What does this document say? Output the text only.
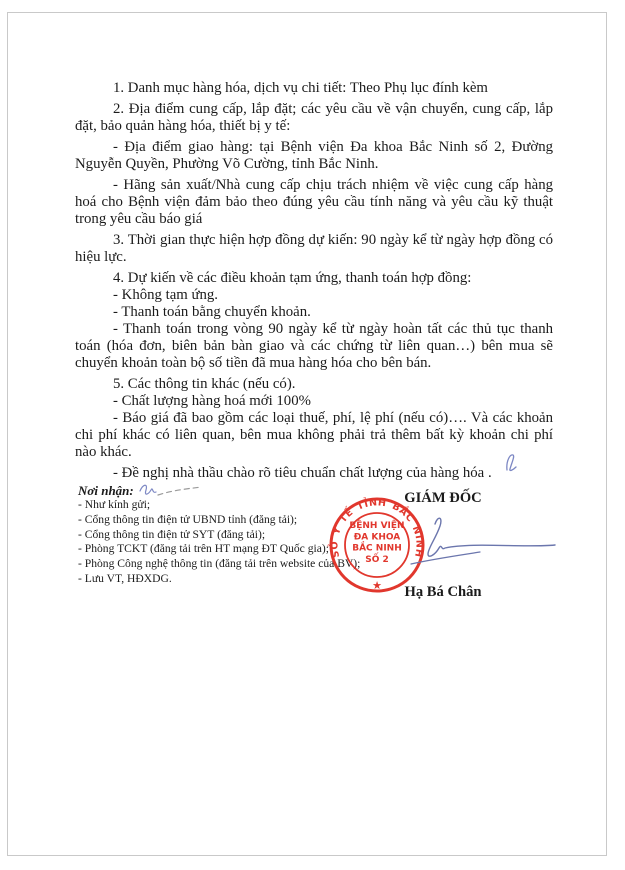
1. Danh mục hàng hóa, dịch vụ chi tiết: Theo Phụ lục đính kèm

2. Địa điểm cung cấp, lắp đặt; các yêu cầu về vận chuyển, cung cấp, lắp đặt, bảo quản hàng hóa, thiết bị y tế:

- Địa điểm giao hàng: tại Bệnh viện Đa khoa Bắc Ninh số 2, Đường Nguyễn Quyền, Phường Võ Cường, tỉnh Bắc Ninh.

- Hãng sản xuất/Nhà cung cấp chịu trách nhiệm về việc cung cấp hàng hoá cho Bệnh viện đảm bảo theo đúng yêu cầu tính năng và yêu cầu kỹ thuật trong yêu cầu báo giá

3. Thời gian thực hiện hợp đồng dự kiến: 90 ngày kể từ ngày hợp đồng có hiệu lực.

4. Dự kiến về các điều khoản tạm ứng, thanh toán hợp đồng:

- Không tạm ứng.

- Thanh toán bằng chuyển khoản.

- Thanh toán trong vòng 90 ngày kể từ ngày hoàn tất các thủ tục thanh toán (hóa đơn, biên bản bàn giao và các chứng từ liên quan…) bên mua sẽ chuyển khoản toàn bộ số tiền đã mua hàng hóa cho bên bán.

5. Các thông tin khác (nếu có).

- Chất lượng hàng hoá mới 100%

- Báo giá đã bao gồm các loại thuế, phí, lệ phí (nếu có)…. Và các khoản chi phí khác có liên quan, bên mua không phải trả thêm bất kỳ khoản chi phí nào khác.

- Đề nghị nhà thầu chào rõ tiêu chuẩn chất lượng của hàng hóa .

Nơi nhận:
- Như kính gửi;
- Cổng thông tin điện tử UBND tỉnh (đăng tải);
- Cổng thông tin điện tử SYT (đăng tải);
- Phòng TCKT (đăng tải trên HT mạng ĐT Quốc gia);
- Phòng Công nghệ thông tin (đăng tải trên website của BV);
- Lưu VT, HĐXDG.
GIÁM ĐỐC
SỞ Y TẾ TỈNH BẮC NINH
BỆNH VIỆN
ĐA KHOA
BẮC NINH
SỐ 2
★	Hạ Bá Chân
